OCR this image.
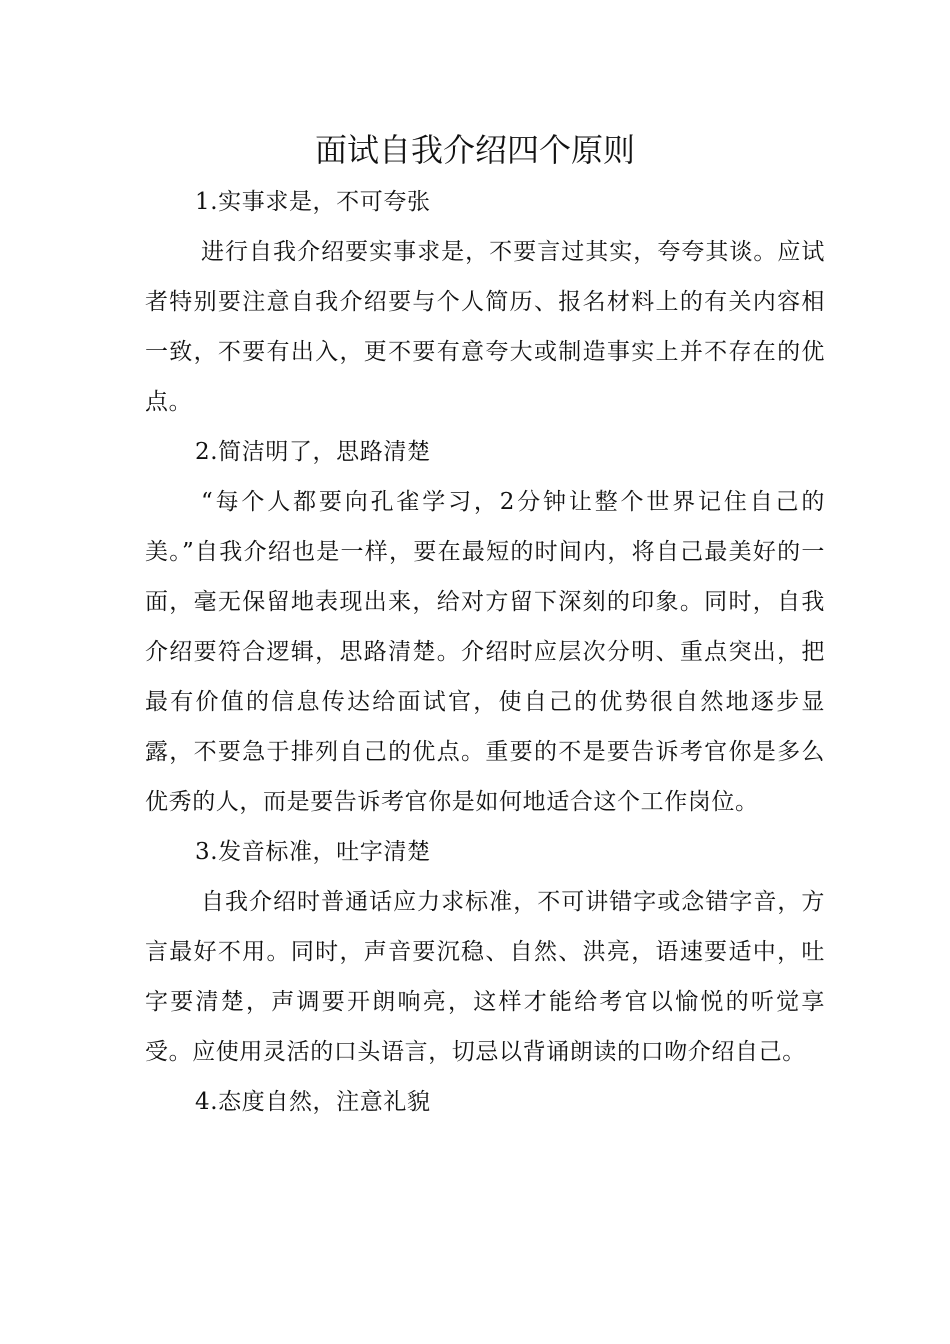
面试自我介绍四个原则

1.实事求是，不可夸张

进行自我介绍要实事求是，不要言过其实，夸夸其谈。应试者特别要注意自我介绍要与个人简历、报名材料上的有关内容相一致，不要有出入，更不要有意夸大或制造事实上并不存在的优点。

2.简洁明了，思路清楚

“每个人都要向孔雀学习，2分钟让整个世界记住自己的美。”自我介绍也是一样，要在最短的时间内，将自己最美好的一面，毫无保留地表现出来，给对方留下深刻的印象。同时，自我介绍要符合逻辑，思路清楚。介绍时应层次分明、重点突出，把最有价值的信息传达给面试官，使自己的优势很自然地逐步显露，不要急于排列自己的优点。重要的不是要告诉考官你是多么优秀的人，而是要告诉考官你是如何地适合这个工作岗位。

3.发音标准，吐字清楚

自我介绍时普通话应力求标准，不可讲错字或念错字音，方言最好不用。同时，声音要沉稳、自然、洪亮，语速要适中，吐字要清楚，声调要开朗响亮，这样才能给考官以愉悦的听觉享受。应使用灵活的口头语言，切忌以背诵朗读的口吻介绍自己。

4.态度自然，注意礼貌
